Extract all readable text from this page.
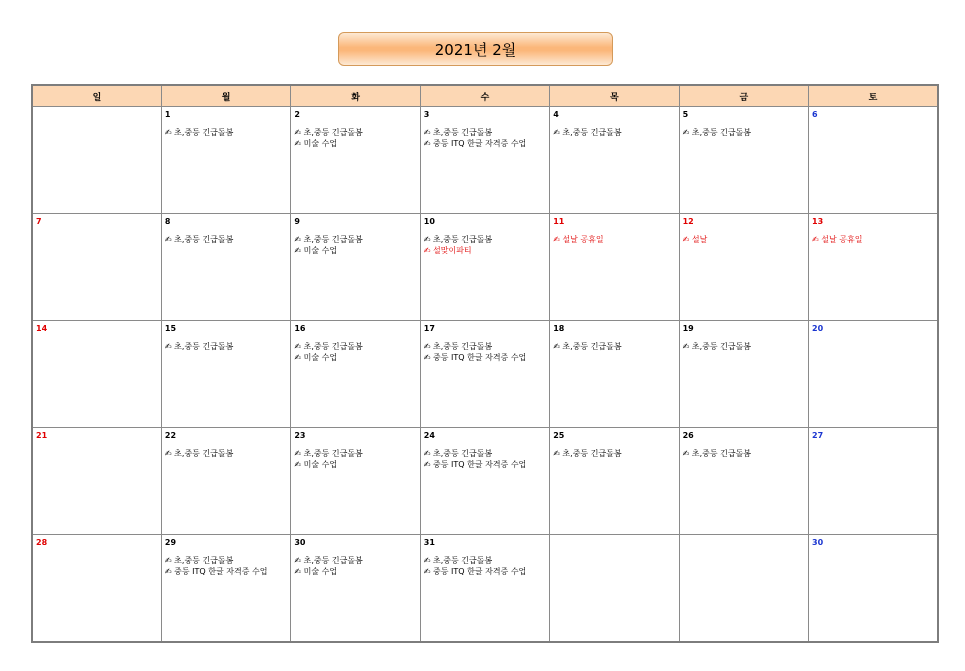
2021년 2월
일	월	화	수	목	금	토

	1
✍ 초,중등 긴급돌봄	2
✍ 초,중등 긴급돌봄
✍ 미술 수업	3
✍ 초,중등 긴급돌봄
✍ 중등 ITQ 한글 자격증 수업	4
✍ 초,중등 긴급돌봄	5
✍ 초,중등 긴급돌봄	6

7	8
✍ 초,중등 긴급돌봄	9
✍ 초,중등 긴급돌봄
✍ 미술 수업	10
✍ 초,중등 긴급돌봄
✍ 설맞이파티	11
✍ 설날 공휴일	12
✍ 설날	13
✍ 설날 공휴일

14	15
✍ 초,중등 긴급돌봄	16
✍ 초,중등 긴급돌봄
✍ 미술 수업	17
✍ 초,중등 긴급돌봄
✍ 중등 ITQ 한글 자격증 수업	18
✍ 초,중등 긴급돌봄	19
✍ 초,중등 긴급돌봄	20

21	22
✍ 초,중등 긴급돌봄	23
✍ 초,중등 긴급돌봄
✍ 미술 수업	24
✍ 초,중등 긴급돌봄
✍ 중등 ITQ 한글 자격증 수업	25
✍ 초,중등 긴급돌봄	26
✍ 초,중등 긴급돌봄	27

28	29
✍ 초,중등 긴급돌봄
✍ 중등 ITQ 한글 자격증 수업	30
✍ 초,중등 긴급돌봄
✍ 미술 수업	31
✍ 초,중등 긴급돌봄
✍ 중등 ITQ 한글 자격증 수업			30
